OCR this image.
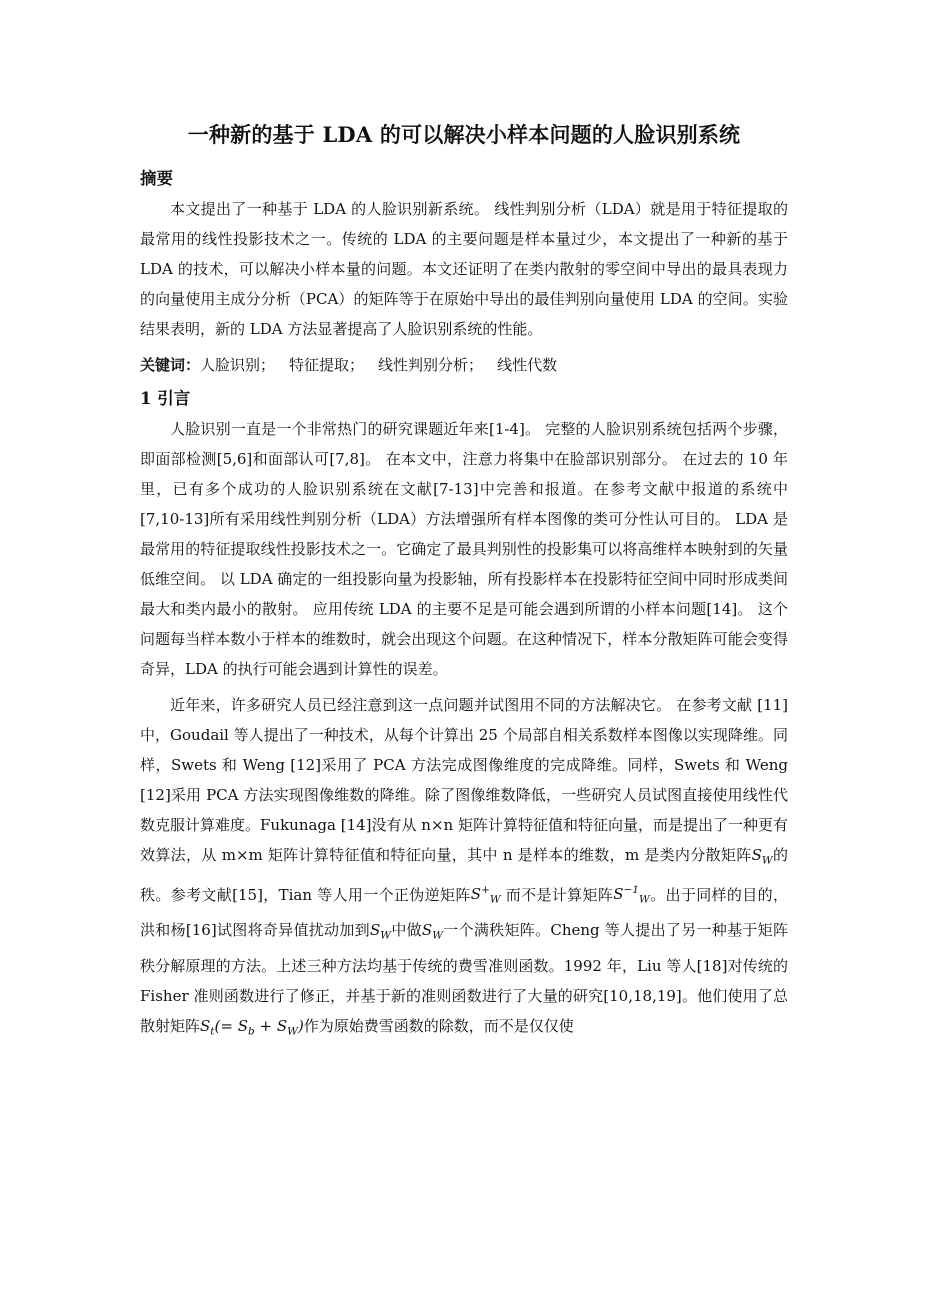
一种新的基于 LDA 的可以解决小样本问题的人脸识别系统
摘要

本文提出了一种基于 LDA 的人脸识别新系统。 线性判别分析（LDA）就是用于特征提取的最常用的线性投影技术之一。传统的 LDA 的主要问题是样本量过少，本文提出了一种新的基于 LDA 的技术，可以解决小样本量的问题。本文还证明了在类内散射的零空间中导出的最具表现力的向量使用主成分分析（PCA）的矩阵等于在原始中导出的最佳判别向量使用 LDA 的空间。实验结果表明，新的 LDA 方法显著提高了人脸识别系统的性能。

关键词：人脸识别； 特征提取； 线性判别分析； 线性代数

1 引言

人脸识别一直是一个非常热门的研究课题近年来[1-4]。 完整的人脸识别系统包括两个步骤，即面部检测[5,6]和面部认可[7,8]。 在本文中，注意力将集中在脸部识别部分。 在过去的 10 年里，已有多个成功的人脸识别系统在文献[7-13]中完善和报道。在参考文献中报道的系统中 [7,10-13]所有采用线性判别分析（LDA）方法增强所有样本图像的类可分性认可目的。 LDA 是最常用的特征提取线性投影技术之一。它确定了最具判别性的投影集可以将高维样本映射到的矢量低维空间。 以 LDA 确定的一组投影向量为投影轴，所有投影样本在投影特征空间中同时形成类间最大和类内最小的散射。 应用传统 LDA 的主要不足是可能会遇到所谓的小样本问题[14]。 这个问题每当样本数小于样本的维数时，就会出现这个问题。在这种情况下，样本分散矩阵可能会变得奇异，LDA 的执行可能会遇到计算性的误差。

近年来，许多研究人员已经注意到这一点问题并试图用不同的方法解决它。 在参考文献 [11]中，Goudail 等人提出了一种技术，从每个计算出 25 个局部自相关系数样本图像以实现降维。同样，Swets 和 Weng [12]采用了 PCA 方法完成图像维度的完成降维。同样，Swets 和 Weng [12]采用 PCA 方法实现图像维数的降维。除了图像维数降低，一些研究人员试图直接使用线性代数克服计算难度。Fukunaga [14]没有从 n×n 矩阵计算特征值和特征向量，而是提出了一种更有效算法，从 m×m 矩阵计算特征值和特征向量，其中 n 是样本的维数，m 是类内分散矩阵$S_W$的秩。参考文献[15]，Tian 等人用一个正伪逆矩阵$S^+_W$ 而不是计算矩阵$S^{-1}_W$。出于同样的目的，洪和杨[16]试图将奇异值扰动加到$S_W$中做$S_W$一个满秩矩阵。Cheng 等人提出了另一种基于矩阵秩分解原理的方法。上述三种方法均基于传统的费雪准则函数。1992 年，Liu 等人[18]对传统的 Fisher 准则函数进行了修正，并基于新的准则函数进行了大量的研究[10,18,19]。他们使用了总散射矩阵$S_t(= S_b + S_W)$作为原始费雪函数的除数，而不是仅仅使
